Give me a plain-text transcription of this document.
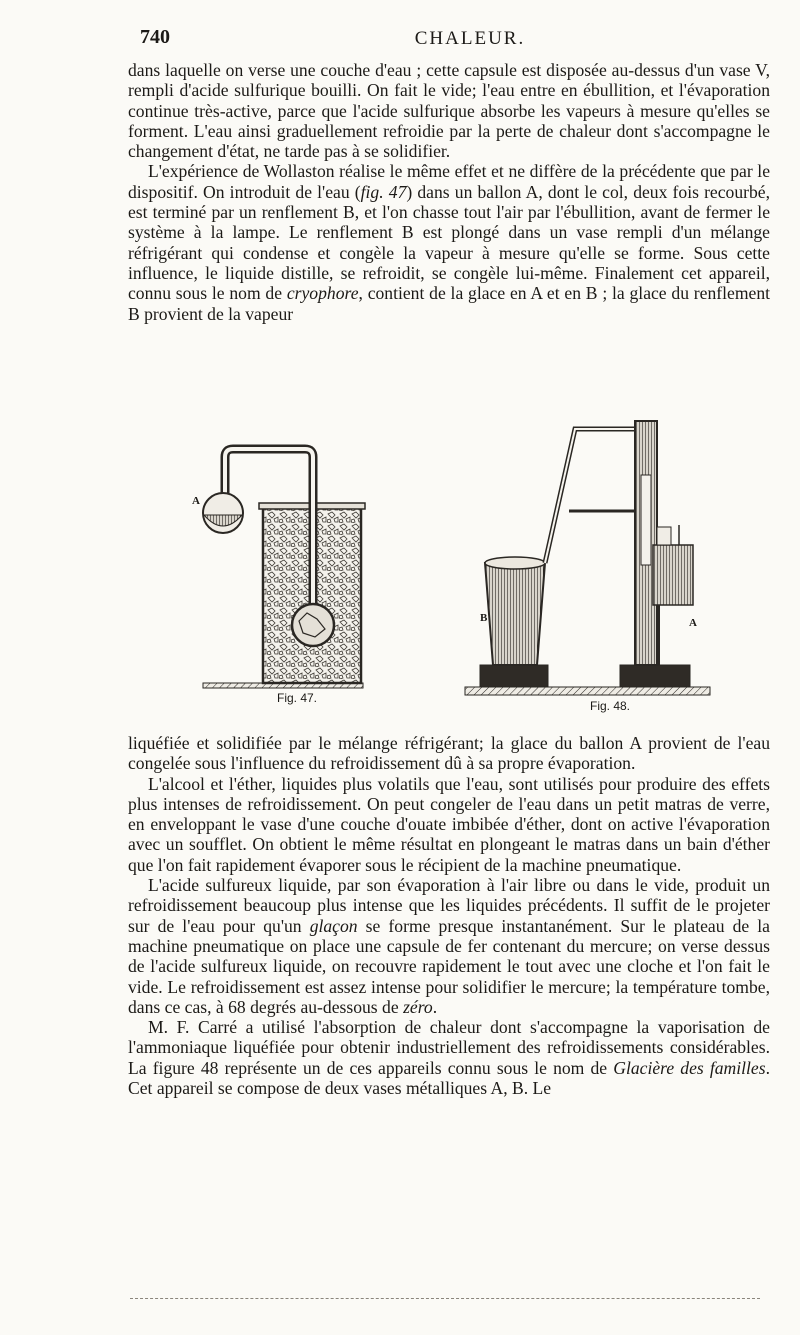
740	CHALEUR.

dans laquelle on verse une couche d'eau ; cette capsule est disposée au-dessus d'un vase V, rempli d'acide sulfurique bouilli. On fait le vide; l'eau entre en ébullition, et l'évaporation continue très-active, parce que l'acide sulfurique absorbe les vapeurs à mesure qu'elles se forment. L'eau ainsi graduellement refroidie par la perte de chaleur dont s'accompagne le changement d'état, ne tarde pas à se solidifier.

L'expérience de Wollaston réalise le même effet et ne diffère de la précédente que par le dispositif. On introduit de l'eau (fig. 47) dans un ballon A, dont le col, deux fois recourbé, est terminé par un renflement B, et l'on chasse tout l'air par l'ébullition, avant de fermer le système à la lampe. Le renflement B est plongé dans un vase rempli d'un mélange réfrigérant qui condense et congèle la vapeur à mesure qu'elle se forme. Sous cette influence, le liquide distille, se refroidit, se congèle lui-même. Finalement cet appareil, connu sous le nom de cryophore, contient de la glace en A et en B ; la glace du renflement B provient de la vapeur

A
B	A
Fig. 47.
Fig. 48.

liquéfiée et solidifiée par le mélange réfrigérant; la glace du ballon A provient de l'eau congelée sous l'influence du refroidissement dû à sa propre évaporation.

L'alcool et l'éther, liquides plus volatils que l'eau, sont utilisés pour produire des effets plus intenses de refroidissement. On peut congeler de l'eau dans un petit matras de verre, en enveloppant le vase d'une couche d'ouate imbibée d'éther, dont on active l'évaporation avec un soufflet. On obtient le même résultat en plongeant le matras dans un bain d'éther que l'on fait rapidement évaporer sous le récipient de la machine pneumatique.

L'acide sulfureux liquide, par son évaporation à l'air libre ou dans le vide, produit un refroidissement beaucoup plus intense que les liquides précédents. Il suffit de le projeter sur de l'eau pour qu'un glaçon se forme presque instantanément. Sur le plateau de la machine pneumatique on place une capsule de fer contenant du mercure; on verse dessus de l'acide sulfureux liquide, on recouvre rapidement le tout avec une cloche et l'on fait le vide. Le refroidissement est assez intense pour solidifier le mercure; la température tombe, dans ce cas, à 68 degrés au-dessous de zéro.

M. F. Carré a utilisé l'absorption de chaleur dont s'accompagne la vaporisation de l'ammoniaque liquéfiée pour obtenir industriellement des refroidissements considérables. La figure 48 représente un de ces appareils connu sous le nom de Glacière des familles. Cet appareil se compose de deux vases métalliques A, B. Le
